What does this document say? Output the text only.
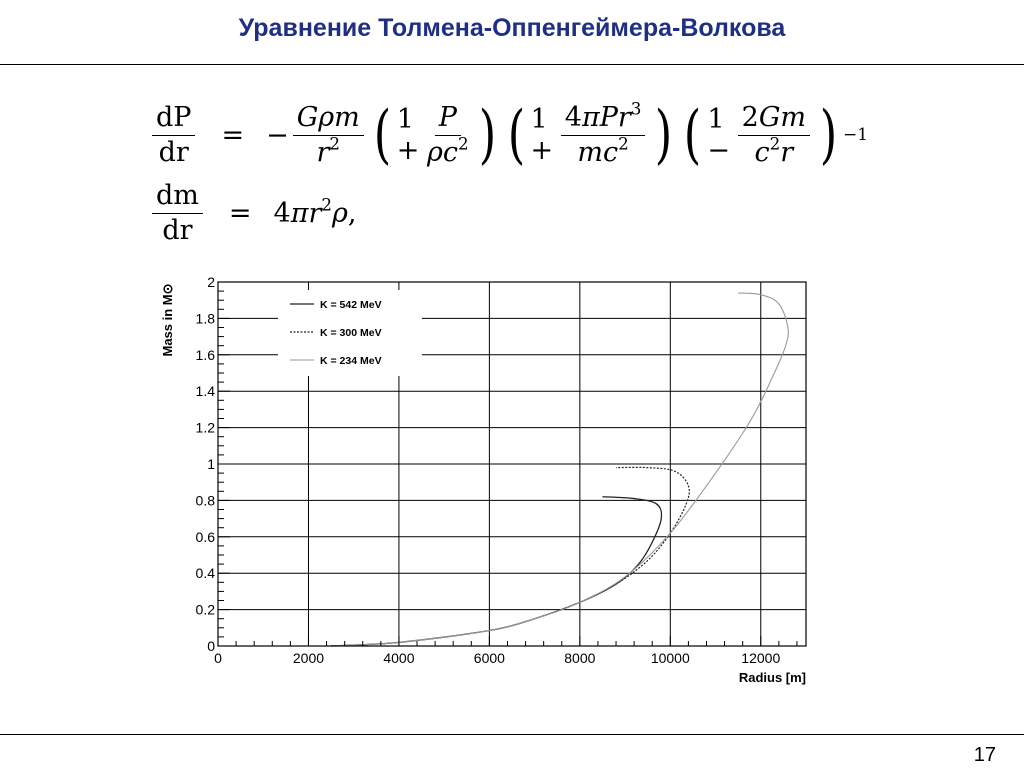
Уравнение Толмена-Оппенгеймера-Волкова
$\frac{dP}{dr}$ = − $\frac{\text{Gρm}}{r^2}$ ( $1 + \frac{P}{\rho c^2}$ ) ( $1 + \frac{4\pi Pr^3}{mc^2}$ ) ( $1 - \frac{2Gm}{c^2r}$ ) −1
$\frac{dm}{dr} = 4\pi r^2\rho$,
K = 542 MeV
K = 300 MeV
K = 234 MeV
0	2000	4000	6000	8000	10000	12000
0
0.2
0.4
0.6
0.8
1
1.2
1.4
1.6
1.8
2
Radius [m]
Mass in M⊙
17
